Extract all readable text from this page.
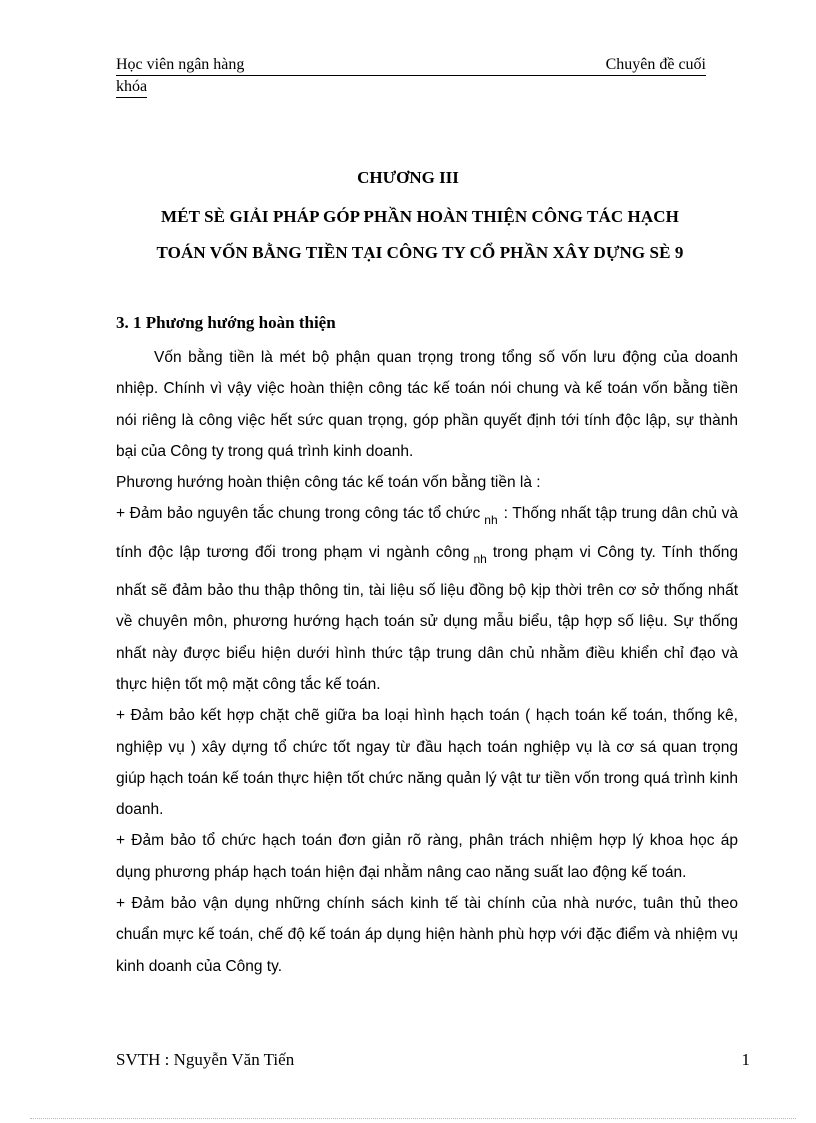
Học viên ngân hàng	Chuyên đề cuối
khóa
CHƯƠNG III
MÉT SÈ GIẢI PHÁP GÓP PHẦN HOÀN THIỆN CÔNG TÁC HẠCH
TOÁN VỐN BẰNG TIỀN TẠI CÔNG TY CỔ PHẦN XÂY DỰNG SÈ 9
3. 1 Phương hướng hoàn thiện

Vốn bằng tiền là mét bộ phận quan trọng trong tổng số vốn lưu động của doanh nhiệp. Chính vì vậy việc hoàn thiện công tác kế toán nói chung và kế toán vốn bằng tiền nói riêng là công việc hết sức quan trọng, góp phần quyết định tới tính độc lập, sự thành bại của Công ty trong quá trình kinh doanh.

Phương hướng hoàn thiện công tác kế toán vốn bằng tiền là :

+ Đảm bảo nguyên tắc chung trong công tác tổ chức $_{nh}$ : Thống nhất tập trung dân chủ và tính độc lập tương đối trong phạm vi ngành công $_{nh}$ trong phạm vi Công ty. Tính thống nhất sẽ đảm bảo thu thập thông tin, tài liệu số liệu đồng bộ kịp thời trên cơ sở thống nhất về chuyên môn, phương hướng hạch toán sử dụng mẫu biểu, tập hợp số liệu. Sự thống nhất này được biểu hiện dưới hình thức tập trung dân chủ nhằm điều khiển chỉ đạo và thực hiện tốt mộ mặt công tắc kế toán.

+ Đảm bảo kết hợp chặt chẽ giữa ba loại hình hạch toán ( hạch toán kế toán, thống kê, nghiệp vụ ) xây dựng tổ chức tốt ngay từ đầu hạch toán nghiệp vụ là cơ sá quan trọng giúp hạch toán kế toán thực hiện tốt chức năng quản lý vật tư tiền vốn trong quá trình kinh doanh.

+ Đảm bảo tổ chức hạch toán đơn giản rõ ràng, phân trách nhiệm hợp lý khoa học áp dụng phương pháp hạch toán hiện đại nhằm nâng cao năng suất lao động kế toán.

+ Đảm bảo vận dụng những chính sách kinh tế tài chính của nhà nước, tuân thủ theo chuẩn mực kế toán, chế độ kế toán áp dụng hiện hành phù hợp với đặc điểm và nhiệm vụ kinh doanh của Công ty.

SVTH : Nguyễn Văn Tiến	1
